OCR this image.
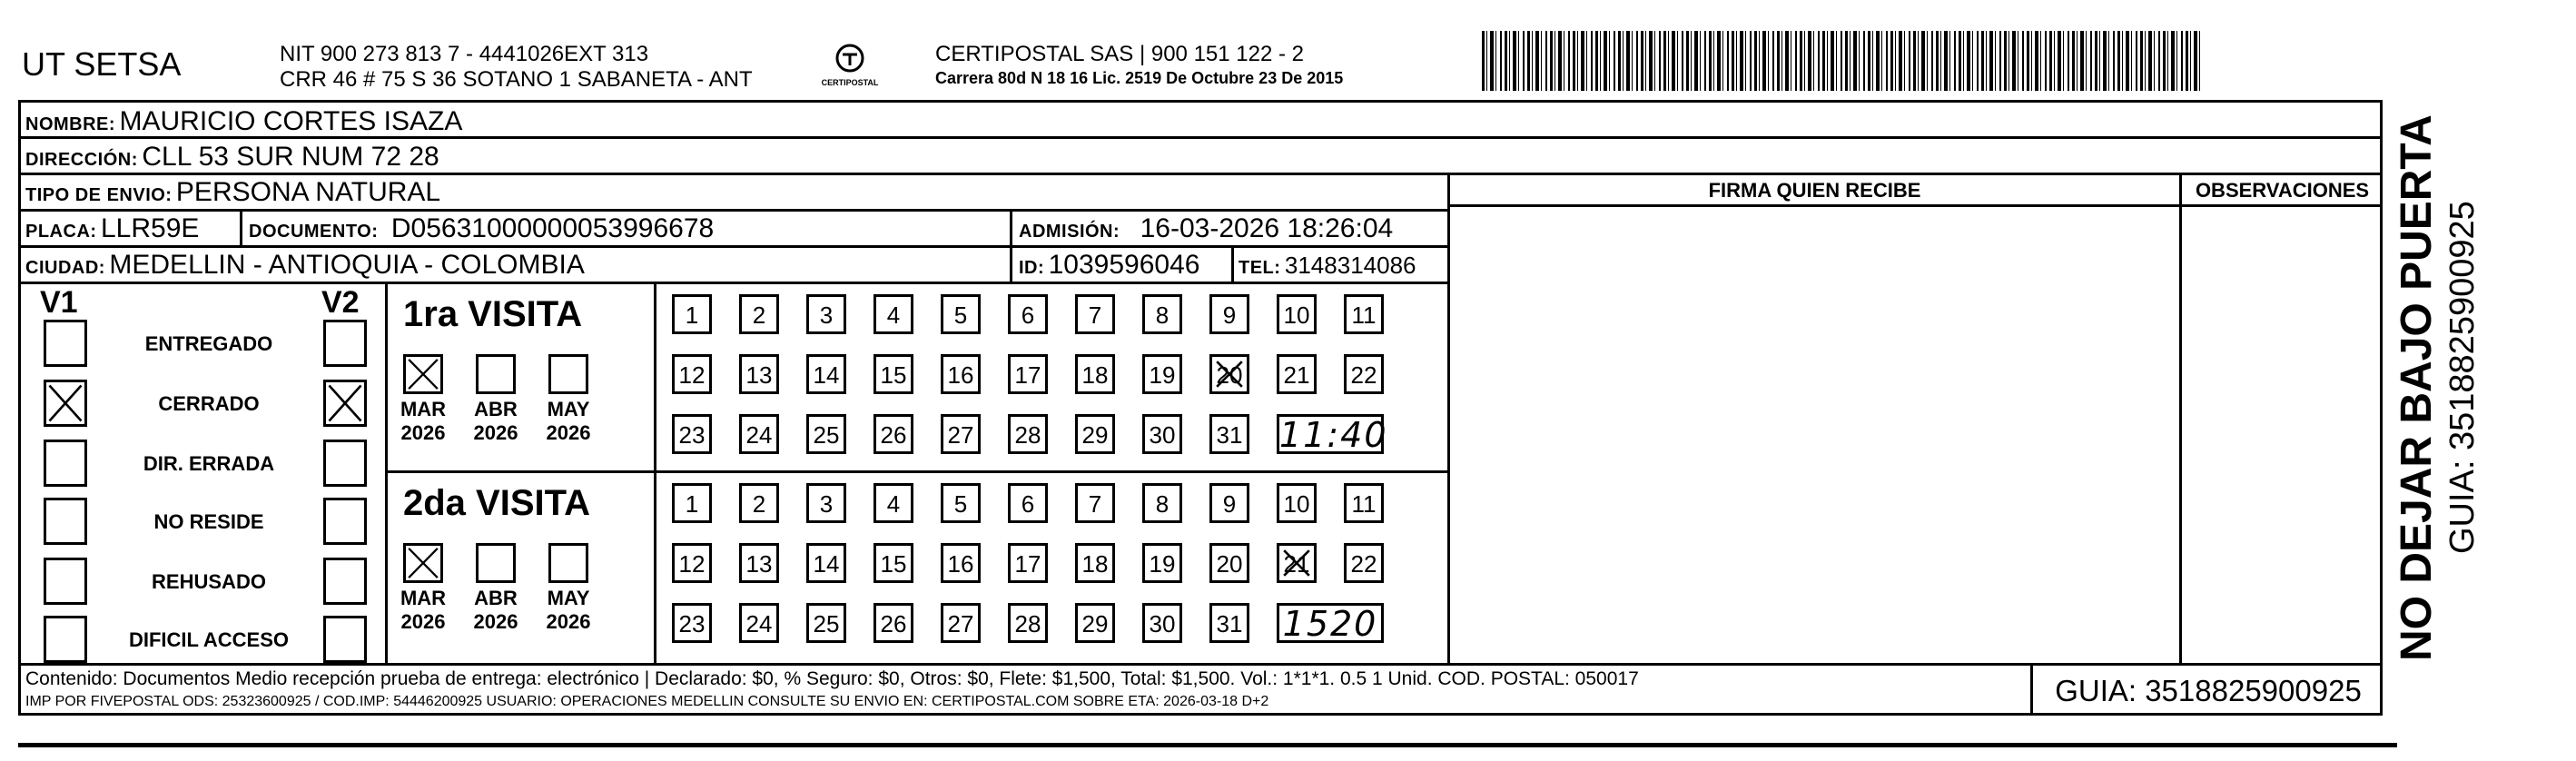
UT SETSA	NIT 900 273 813 7 - 4441026EXT 313
CRR 46 # 75 S 36 SOTANO 1 SABANETA - ANT	CERTIPOSTAL
CERTIPOSTAL SAS | 900 151 122 - 2
Carrera 80d N 18 16 Lic. 2519 De Octubre 23 De 2015
NOMBRE: MAURICIO CORTES ISAZA
DIRECCIÓN: CLL 53 SUR NUM 72 28
TIPO DE ENVIO: PERSONA NATURAL	FIRMA QUIEN RECIBE	OBSERVACIONES
PLACA: LLR59E	DOCUMENTO: D05631000000053996678	ADMISIÓN: 16-03-2026 18:26:04
CIUDAD: MEDELLIN - ANTIOQUIA - COLOMBIA	ID: 1039596046 TEL: 3148314086
V1	V2
ENTREGADO
CERRADO
DIR. ERRADA
NO RESIDE
REHUSADO
DIFICIL ACCESO
1ra VISITA
MAR
2026
ABR
2026
MAY
2026
1	2	3	4	5	6	7	8	9	10	11
12 13 14 15 16 17 18 19 20 21 22
23 24 25 26 27 28 29 30 31 11:40
2da VISITA
MAR
2026
ABR
2026
MAY
2026
1	2	3	4	5	6	7	8	9	10	11
12 13 14 15 16 17 18 19 20 21 22
23 24 25 26 27 28 29 30 31 1520
Contenido: Documentos Medio recepción prueba de entrega: electrónico | Declarado: $0, % Seguro: $0, Otros: $0, Flete: $1,500, Total: $1,500. Vol.: 1*1*1. 0.5 1 Unid. COD. POSTAL: 050017
IMP POR FIVEPOSTAL ODS: 25323600925 / COD.IMP: 54446200925 USUARIO: OPERACIONES MEDELLIN CONSULTE SU ENVIO EN: CERTIPOSTAL.COM SOBRE ETA: 2026-03-18 D+2	GUIA: 3518825900925
NO DEJAR BAJO PUERTA GUIA: 3518825900925
